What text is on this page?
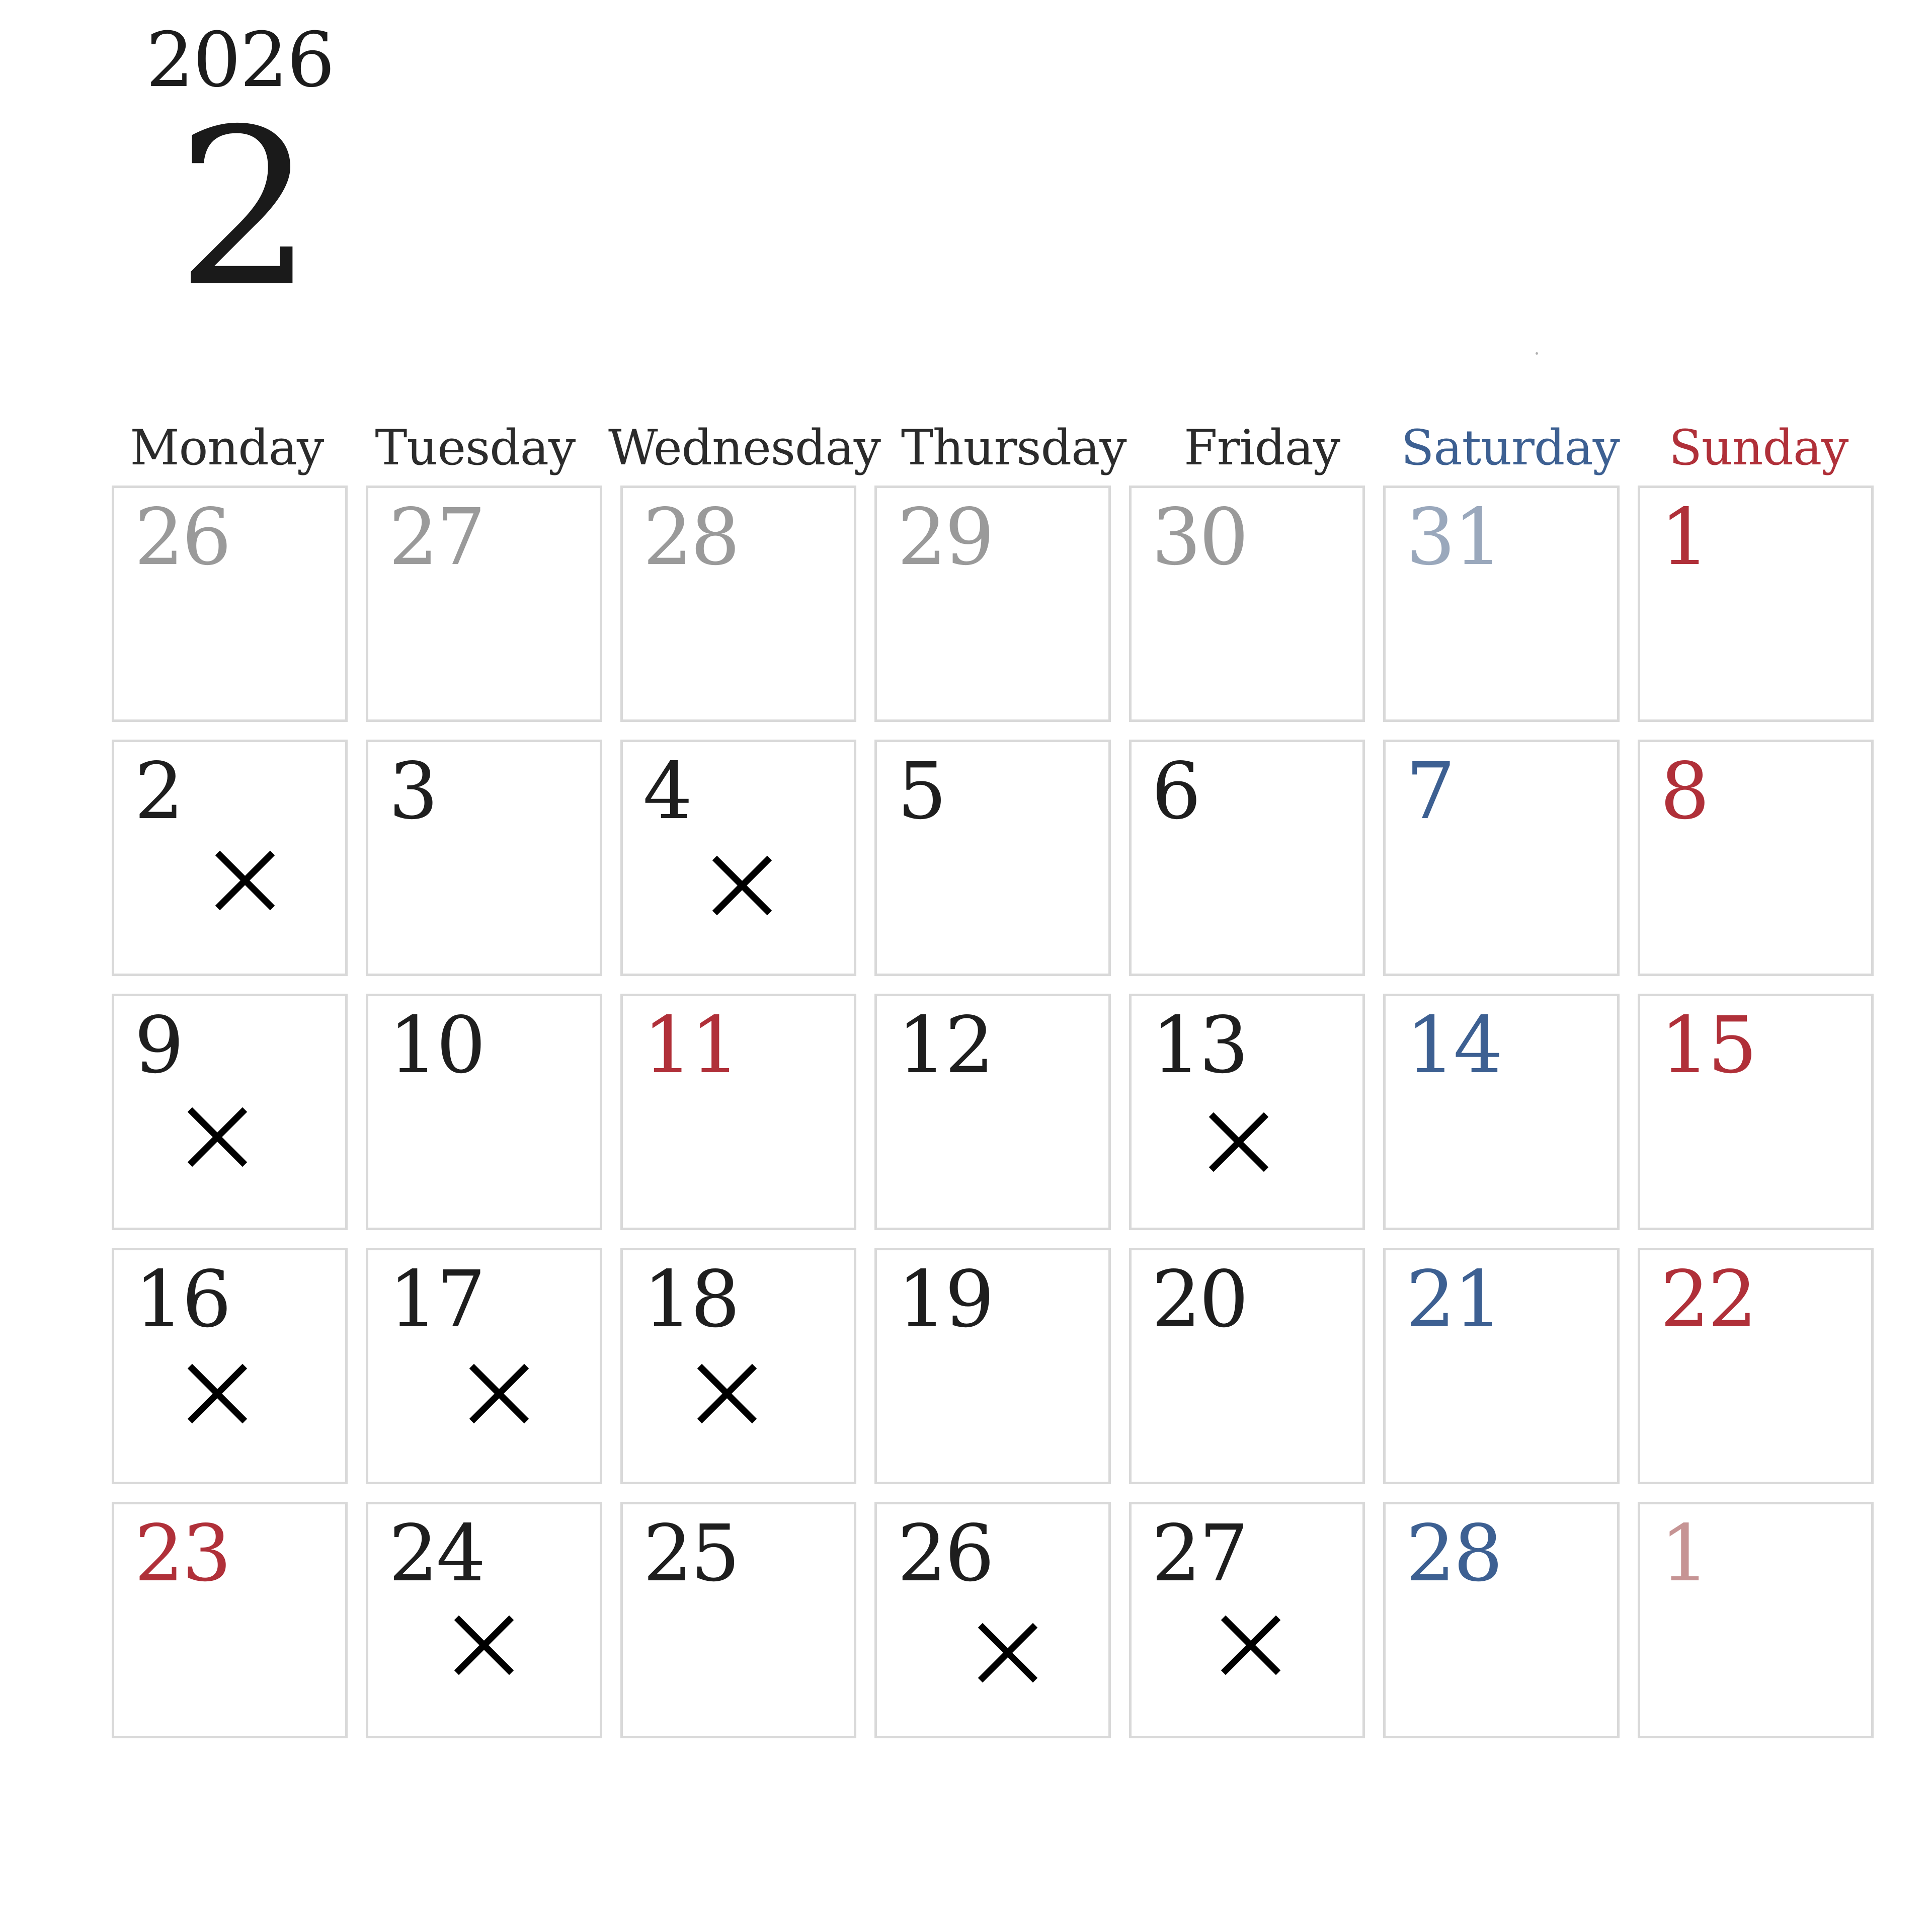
2026
2
Monday	Tuesday Wednesday Thursday	Friday	Saturday	Sunday
26 27 28 29 30 31 1
2	3	4	5	6	7	8
9	10 11 12 13 14 15
16 17 18 19 20 21 22
23 24 25 26 27 28 1
